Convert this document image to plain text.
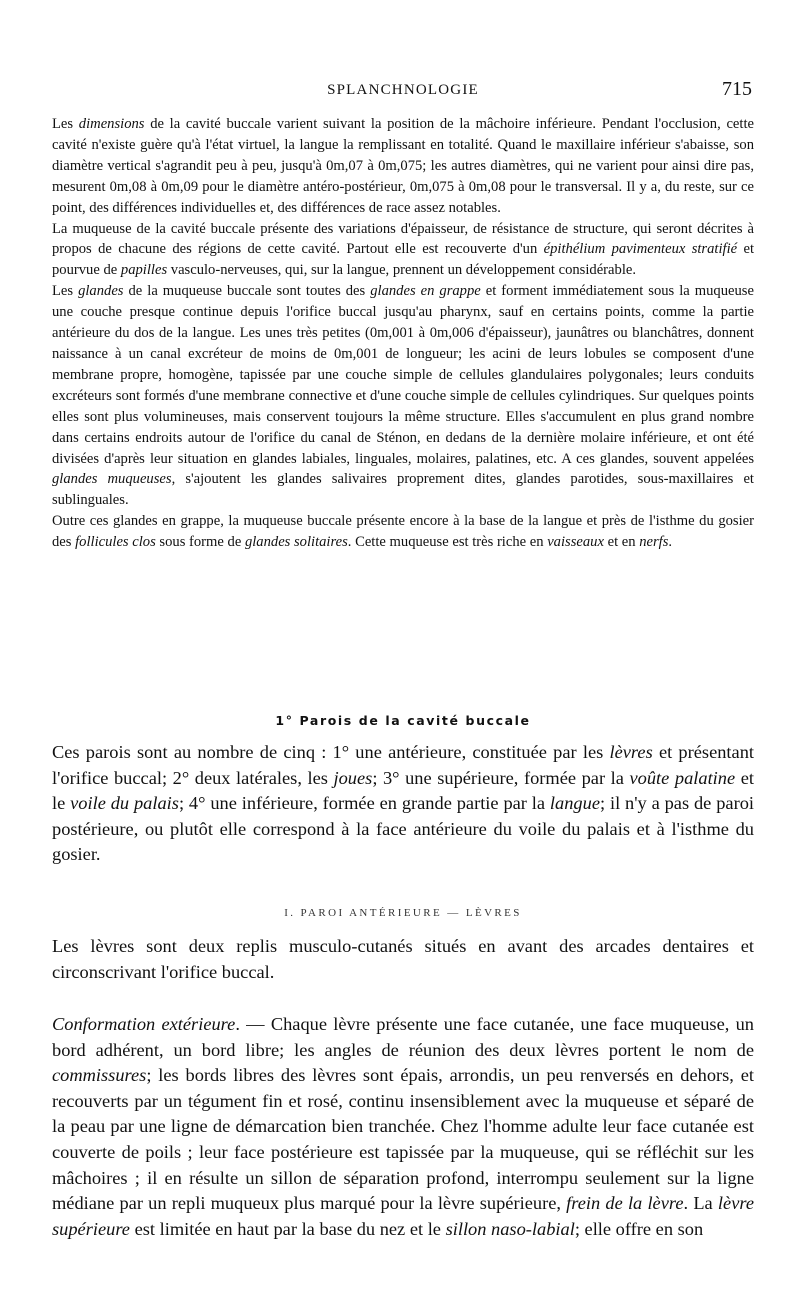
SPLANCHNOLOGIE	715

Les dimensions de la cavité buccale varient suivant la position de la mâchoire inférieure. Pendant l'occlusion, cette cavité n'existe guère qu'à l'état virtuel, la langue la remplissant en totalité. Quand le maxillaire inférieur s'abaisse, son diamètre vertical s'agrandit peu à peu, jusqu'à 0m,07 à 0m,075; les autres diamètres, qui ne varient pour ainsi dire pas, mesurent 0m,08 à 0m,09 pour le diamètre antéro-postérieur, 0m,075 à 0m,08 pour le transversal. Il y a, du reste, sur ce point, des différences individuelles et, des différences de race assez notables.

La muqueuse de la cavité buccale présente des variations d'épaisseur, de résistance de structure, qui seront décrites à propos de chacune des régions de cette cavité. Partout elle est recouverte d'un épithélium pavimenteux stratifié et pourvue de papilles vasculo-nerveuses, qui, sur la langue, prennent un développement considérable.

Les glandes de la muqueuse buccale sont toutes des glandes en grappe et forment immédiatement sous la muqueuse une couche presque continue depuis l'orifice buccal jusqu'au pharynx, sauf en certains points, comme la partie antérieure du dos de la langue. Les unes très petites (0m,001 à 0m,006 d'épaisseur), jaunâtres ou blanchâtres, donnent naissance à un canal excréteur de moins de 0m,001 de longueur; les acini de leurs lobules se composent d'une membrane propre, homogène, tapissée par une couche simple de cellules glandulaires polygonales; leurs conduits excréteurs sont formés d'une membrane connective et d'une couche simple de cellules cylindriques. Sur quelques points elles sont plus volumineuses, mais conservent toujours la même structure. Elles s'accumulent en plus grand nombre dans certains endroits autour de l'orifice du canal de Sténon, en dedans de la dernière molaire inférieure, et ont été divisées d'après leur situation en glandes labiales, linguales, molaires, palatines, etc. A ces glandes, souvent appelées glandes muqueuses, s'ajoutent les glandes salivaires proprement dites, glandes parotides, sous-maxillaires et sublinguales.

Outre ces glandes en grappe, la muqueuse buccale présente encore à la base de la langue et près de l'isthme du gosier des follicules clos sous forme de glandes solitaires. Cette muqueuse est très riche en vaisseaux et en nerfs.

1° Parois de la cavité buccale

Ces parois sont au nombre de cinq : 1° une antérieure, constituée par les lèvres et présentant l'orifice buccal; 2° deux latérales, les joues; 3° une supérieure, formée par la voûte palatine et le voile du palais; 4° une inférieure, formée en grande partie par la langue; il n'y a pas de paroi postérieure, ou plutôt elle correspond à la face antérieure du voile du palais et à l'isthme du gosier.

I. PAROI ANTÉRIEURE — LÈVRES

Les lèvres sont deux replis musculo-cutanés situés en avant des arcades dentaires et circonscrivant l'orifice buccal.

Conformation extérieure. — Chaque lèvre présente une face cutanée, une face muqueuse, un bord adhérent, un bord libre; les angles de réunion des deux lèvres portent le nom de commissures; les bords libres des lèvres sont épais, arrondis, un peu renversés en dehors, et recouverts par un tégument fin et rosé, continu insensiblement avec la muqueuse et séparé de la peau par une ligne de démarcation bien tranchée. Chez l'homme adulte leur face cutanée est couverte de poils ; leur face postérieure est tapissée par la muqueuse, qui se réfléchit sur les mâchoires ; il en résulte un sillon de séparation profond, interrompu seulement sur la ligne médiane par un repli muqueux plus marqué pour la lèvre supérieure, frein de la lèvre. La lèvre supérieure est limitée en haut par la base du nez et le sillon naso-labial; elle offre en son
